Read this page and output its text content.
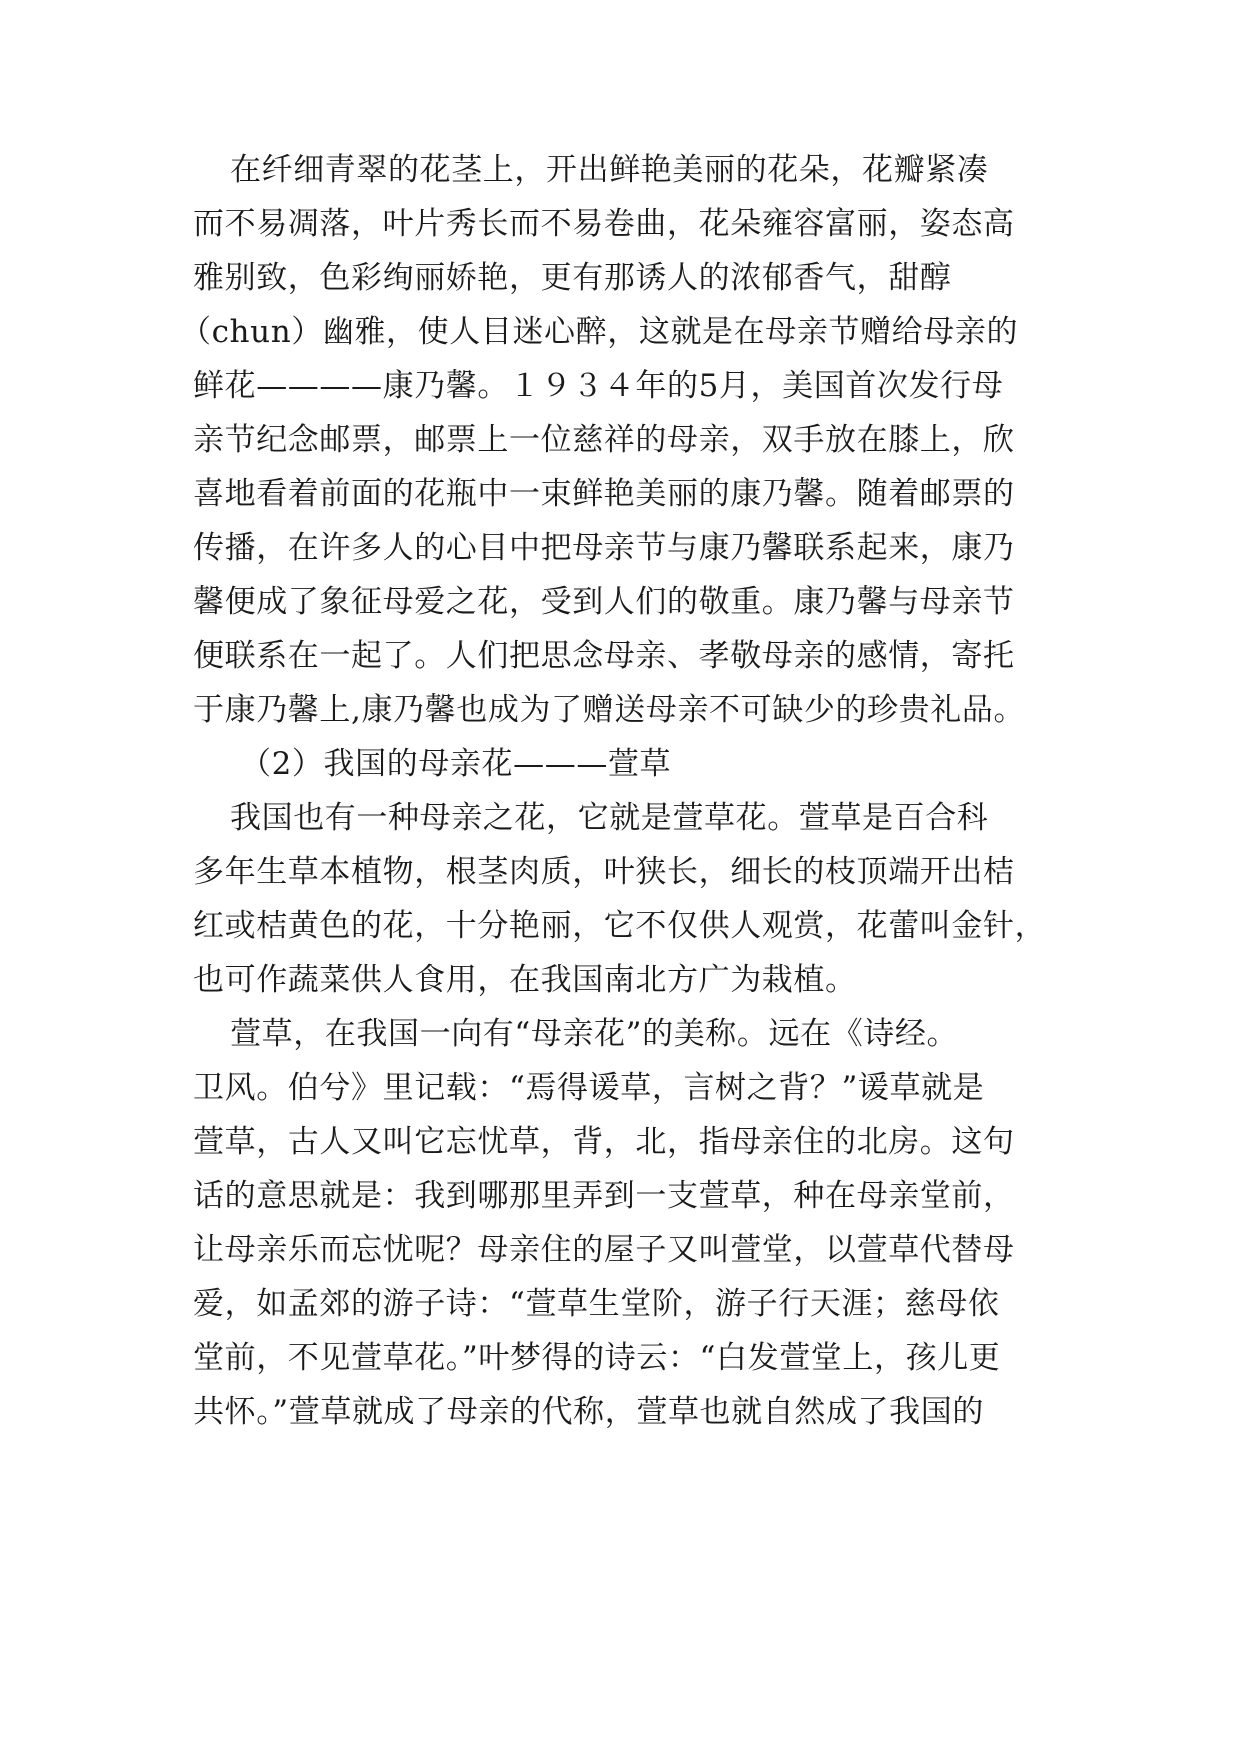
在纤细青翠的花茎上，开出鲜艳美丽的花朵，花瓣紧凑
而不易凋落，叶片秀长而不易卷曲，花朵雍容富丽，姿态高
雅别致，色彩绚丽娇艳，更有那诱人的浓郁香气，甜醇
（chun）幽雅，使人目迷心醉，这就是在母亲节赠给母亲的
鲜花————康乃馨。１９３４年的5月，美国首次发行母
亲节纪念邮票，邮票上一位慈祥的母亲，双手放在膝上，欣
喜地看着前面的花瓶中一束鲜艳美丽的康乃馨。随着邮票的
传播，在许多人的心目中把母亲节与康乃馨联系起来，康乃
馨便成了象征母爱之花，受到人们的敬重。康乃馨与母亲节
便联系在一起了。人们把思念母亲、孝敬母亲的感情，寄托
于康乃馨上,康乃馨也成为了赠送母亲不可缺少的珍贵礼品。
（2）我国的母亲花———萱草
我国也有一种母亲之花，它就是萱草花。萱草是百合科
多年生草本植物，根茎肉质，叶狭长，细长的枝顶端开出桔
红或桔黄色的花，十分艳丽，它不仅供人观赏，花蕾叫金针，
也可作蔬菜供人食用，在我国南北方广为栽植。
萱草，在我国一向有“母亲花”的美称。远在《诗经。
卫风。伯兮》里记载：“焉得谖草，言树之背？”谖草就是
萱草，古人又叫它忘忧草，背，北，指母亲住的北房。这句
话的意思就是：我到哪那里弄到一支萱草，种在母亲堂前，
让母亲乐而忘忧呢？母亲住的屋子又叫萱堂，以萱草代替母
爱，如孟郊的游子诗：“萱草生堂阶，游子行天涯；慈母依
堂前，不见萱草花。”叶梦得的诗云：“白发萱堂上，孩儿更
共怀。”萱草就成了母亲的代称，萱草也就自然成了我国的
